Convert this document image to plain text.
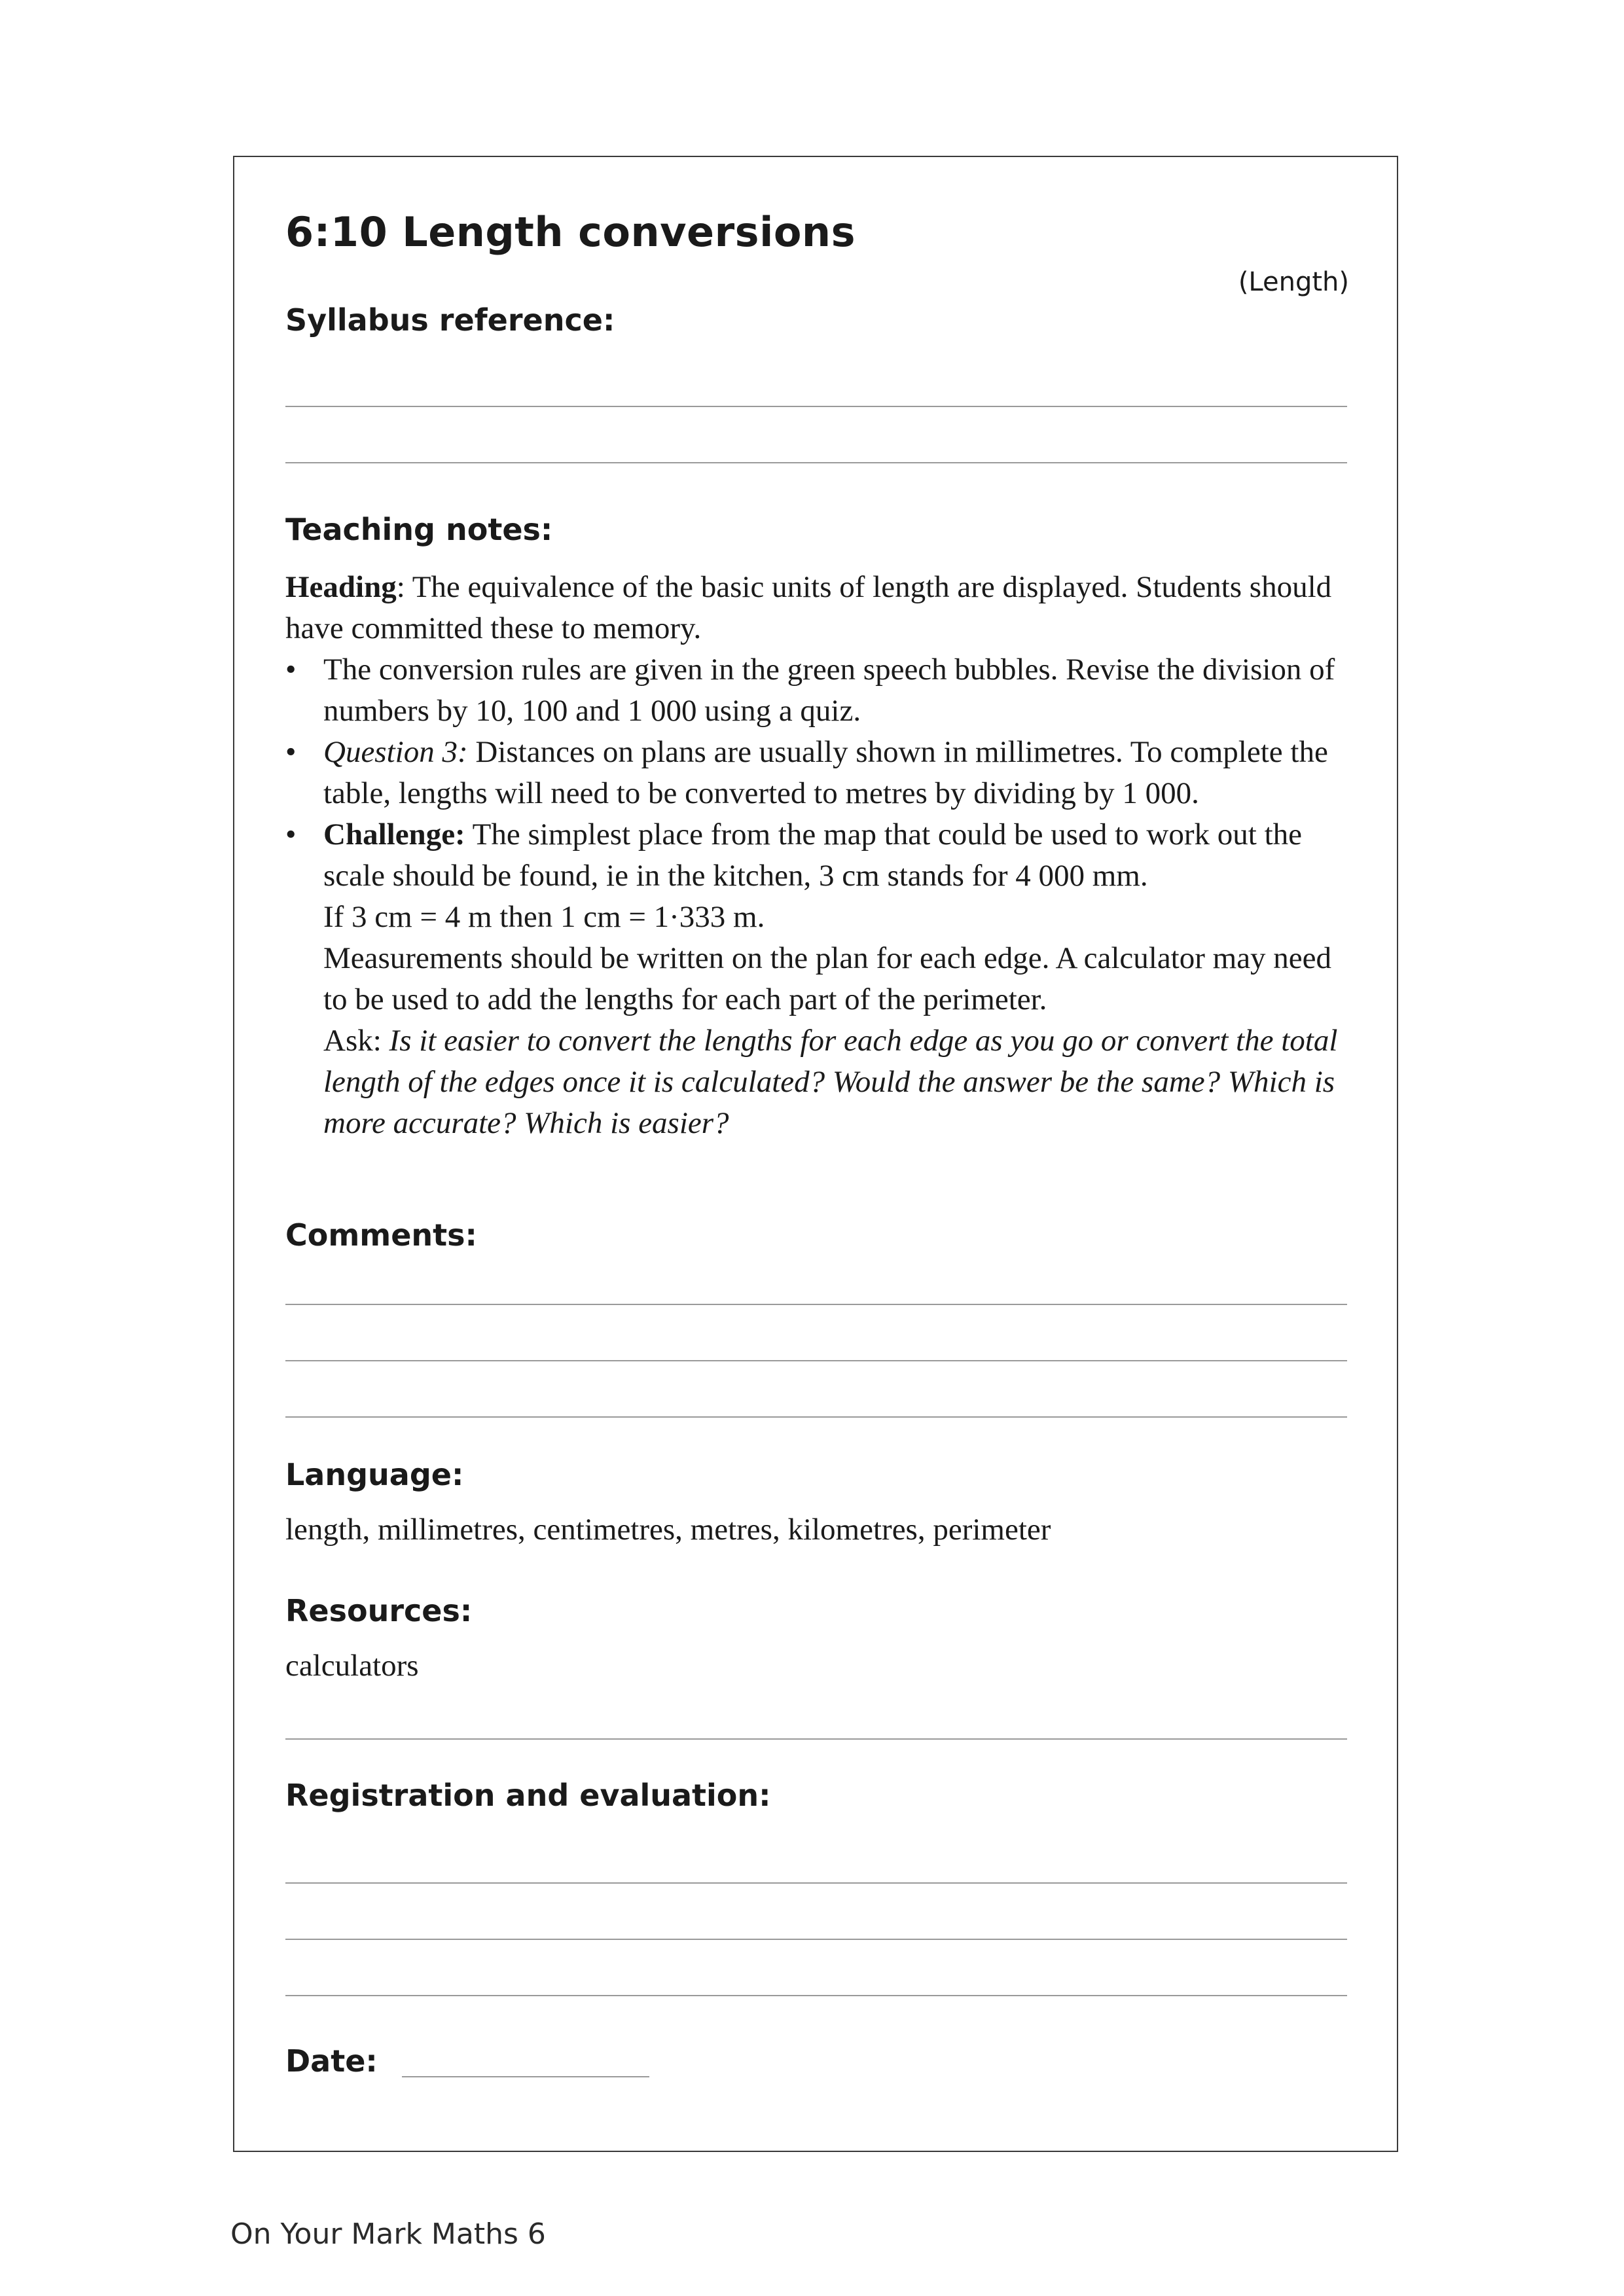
6:10 Length conversions
(Length)
Syllabus reference:
Teaching notes:

Heading: The equivalence of the basic units of length are displayed. Students should have committed these to memory.

• The conversion rules are given in the green speech bubbles. Revise the division of numbers by 10, 100 and 1 000 using a quiz.
• Question 3: Distances on plans are usually shown in millimetres. To complete the table, lengths will need to be converted to metres by dividing by 1 000.
• Challenge: The simplest place from the map that could be used to work out the scale should be found, ie in the kitchen, 3 cm stands for 4 000 mm.
If 3 cm = 4 m then 1 cm = 1·333 m.
Measurements should be written on the plan for each edge. A calculator may need to be used to add the lengths for each part of the perimeter.
Ask: Is it easier to convert the lengths for each edge as you go or convert the total length of the edges once it is calculated? Would the answer be the same? Which is more accurate? Which is easier?
Comments:
Language:
length, millimetres, centimetres, metres, kilometres, perimeter
Resources:
calculators
Registration and evaluation:
Date:
On Your Mark Maths 6
